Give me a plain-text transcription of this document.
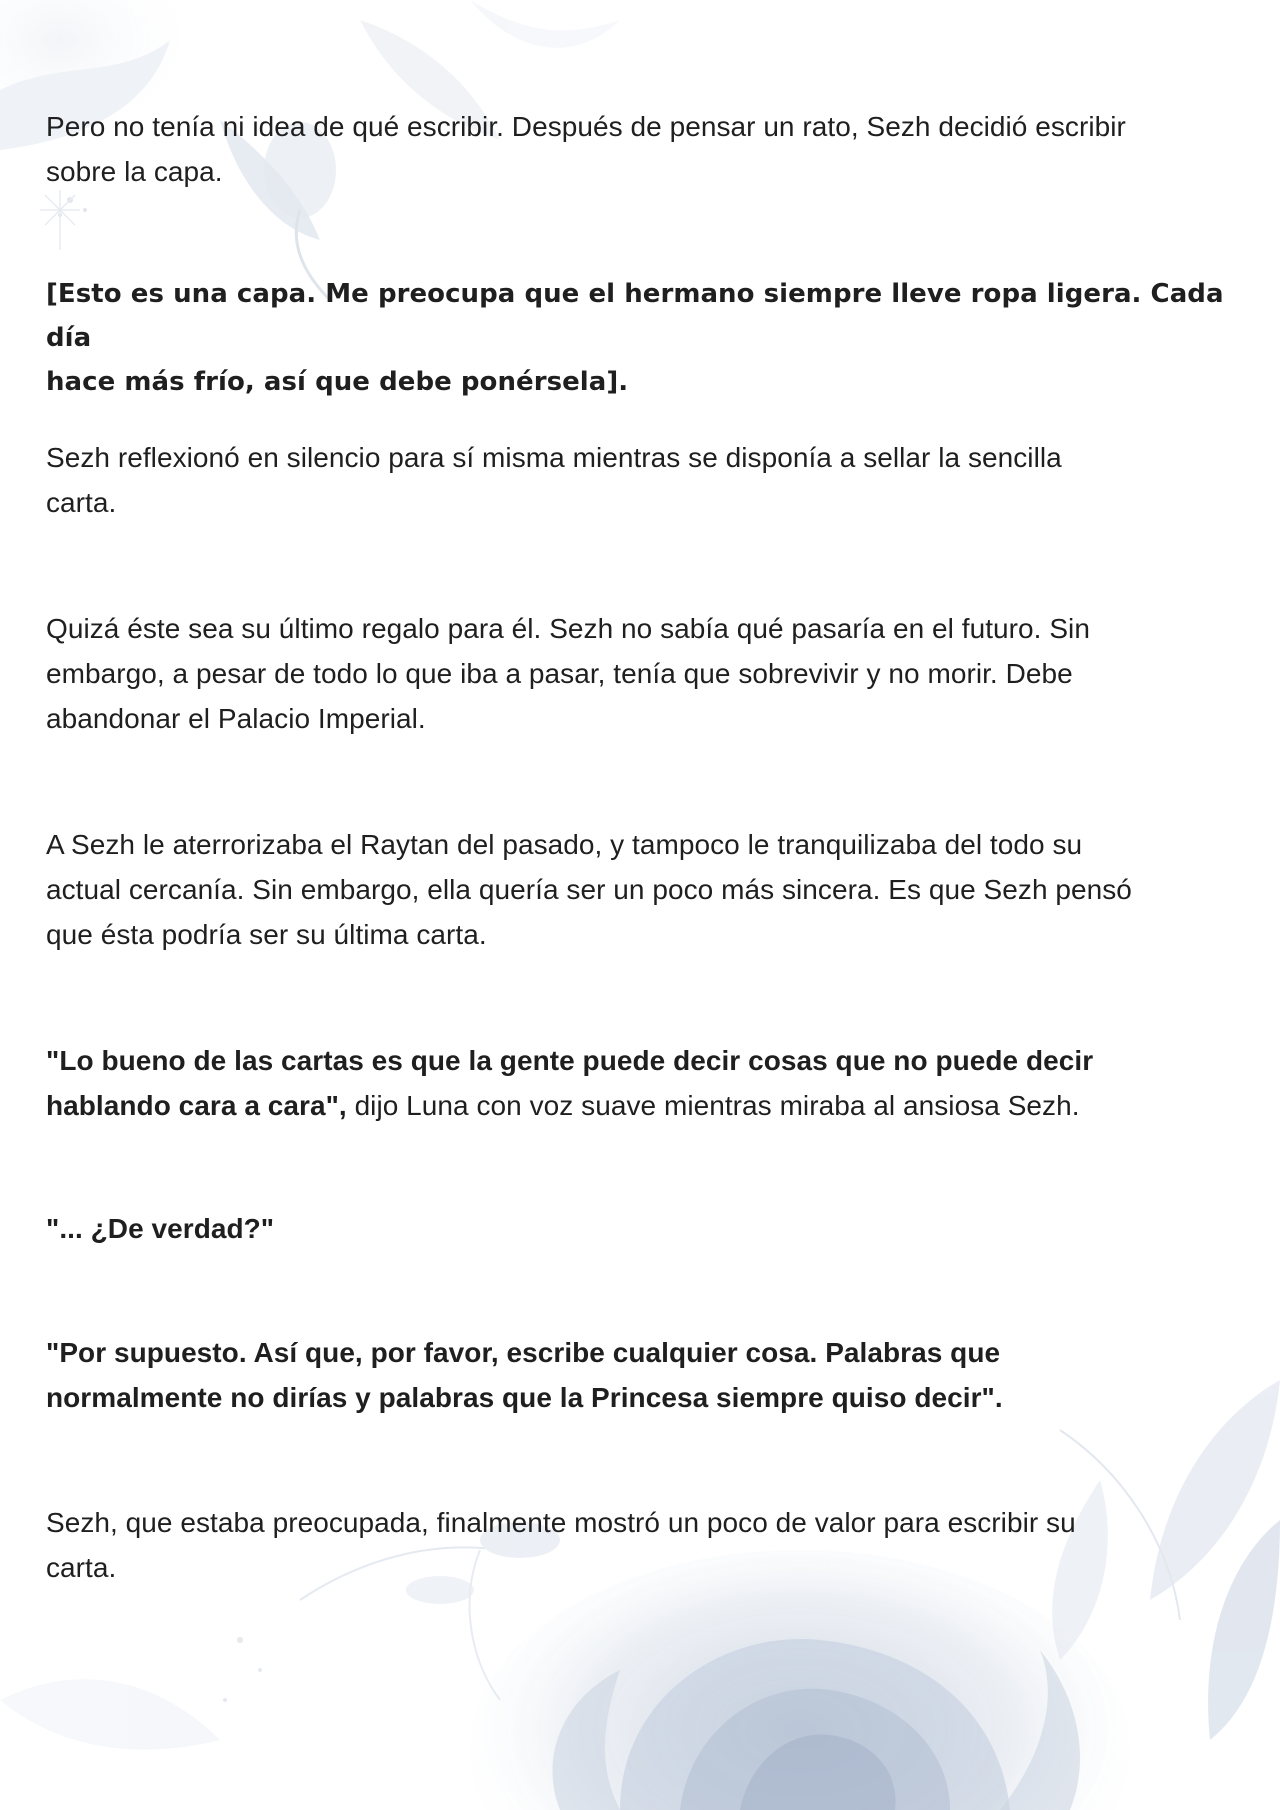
Pero no tenía ni idea de qué escribir. Después de pensar un rato, Sezh decidió escribir
sobre la capa.

[Esto es una capa. Me preocupa que el hermano siempre lleve ropa ligera. Cada día
hace más frío, así que debe ponérsela].

Sezh reflexionó en silencio para sí misma mientras se disponía a sellar la sencilla
carta.

Quizá éste sea su último regalo para él. Sezh no sabía qué pasaría en el futuro. Sin
embargo, a pesar de todo lo que iba a pasar, tenía que sobrevivir y no morir. Debe
abandonar el Palacio Imperial.

A Sezh le aterrorizaba el Raytan del pasado, y tampoco le tranquilizaba del todo su
actual cercanía. Sin embargo, ella quería ser un poco más sincera. Es que Sezh pensó
que ésta podría ser su última carta.

"Lo bueno de las cartas es que la gente puede decir cosas que no puede decir
hablando cara a cara", dijo Luna con voz suave mientras miraba al ansiosa Sezh.

"... ¿De verdad?"

"Por supuesto. Así que, por favor, escribe cualquier cosa. Palabras que
normalmente no dirías y palabras que la Princesa siempre quiso decir".

Sezh, que estaba preocupada, finalmente mostró un poco de valor para escribir su
carta.
